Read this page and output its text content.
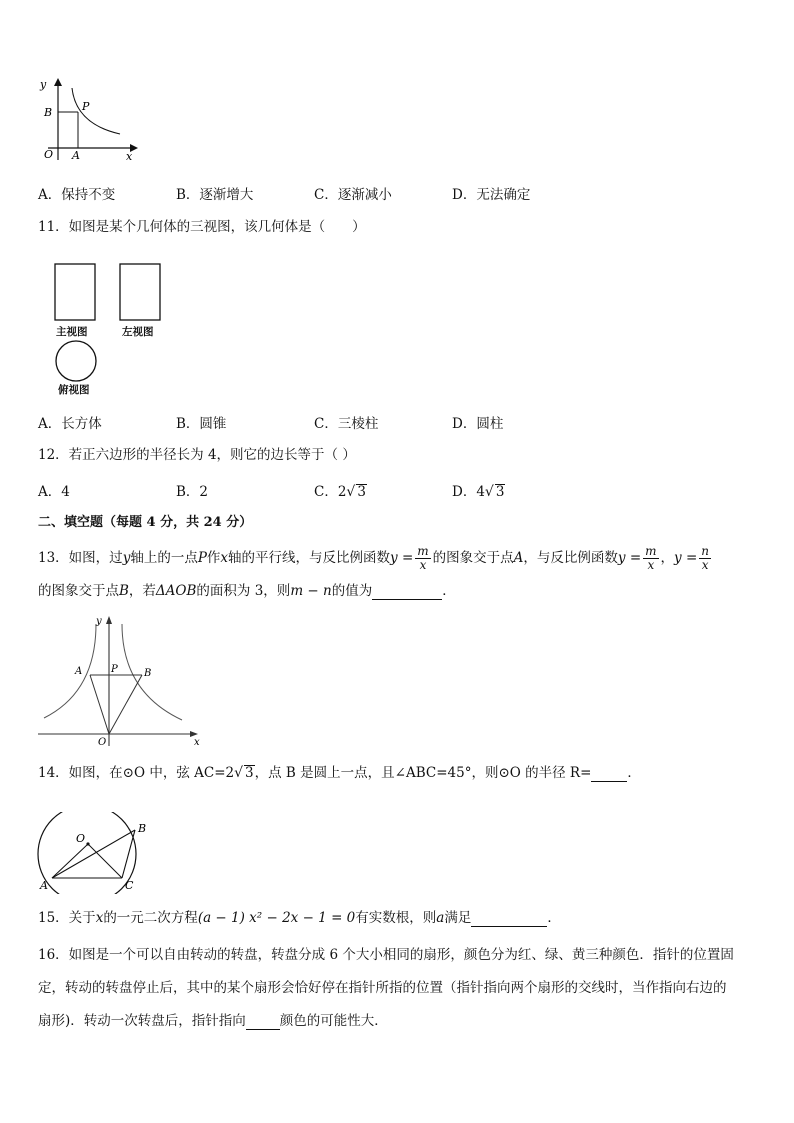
y
B	P
O A	x
A．保持不变	B．逐渐增大	C．逐渐减小	D．无法确定
11．如图是某个几何体的三视图，该几何体是（　　）
主视图	左视图
俯视图
A．长方体	B．圆锥	C．三棱柱	D．圆柱
12．若正六边形的半径长为 4，则它的边长等于（ ）
A．4	B．2	C．2√ 3	D．4√ 3
二、填空题（每题 4 分，共 24 分）
13．如图，过y轴上的一点P作x轴的平行线，与反比例函数$y = \frac{m}{x}$ 的图象交于点A，与反比例函数$y = \frac{m}{x}$ ，$y = \frac{n}{x}$
的图象交于点B，若ΔAOB的面积为 3，则m − n的值为	．
y
A	P	B
O	x
14．如图，在⊙O 中，弦 AC=2√ 3，点 B 是圆上一点，且∠ABC=45°，则⊙O 的半径 R=	．
O
B
A	C
15．关于x的一元二次方程(a − 1) x² − 2x − 1 = 0有实数根，则a满足	．
16．如图是一个可以自由转动的转盘，转盘分成 6 个大小相同的扇形，颜色分为红、绿、黄三种颜色．指针的位置固
定，转动的转盘停止后，其中的某个扇形会恰好停在指针所指的位置（指针指向两个扇形的交线时，当作指向右边的
扇形)．转动一次转盘后，指针指向	颜色的可能性大．
